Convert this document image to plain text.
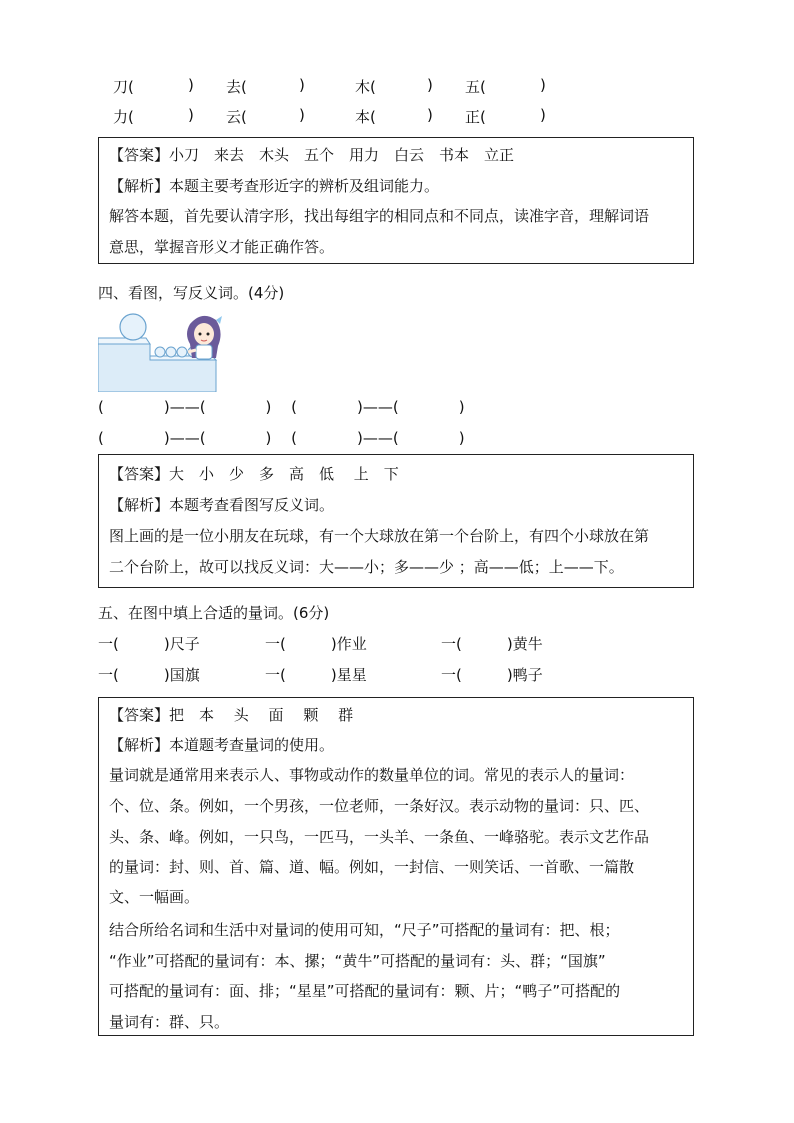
刀(	) 去(	)	木(	) 五(	)
力(	) 云(	)	本(	) 正(	)
【答案】小刀　来去　木头　五个　用力　白云　书本　立正
【解析】本题主要考查形近字的辨析及组词能力。
解答本题，首先要认清字形，找出每组字的相同点和不同点，读准字音，理解词语
意思，掌握音形义才能正确作答。
四、看图，写反义词。(4分)
(　　　　)——(　　　　)　 (　　　　)——(　　　　)
(　　　　)——(　　　　)　 (　　　　)——(　　　　)
【答案】大　小　少　多　高　低　 上　下
【解析】本题考查看图写反义词。
图上画的是一位小朋友在玩球，有一个大球放在第一个台阶上，有四个小球放在第
二个台阶上，故可以找反义词：大——小；多——少 ；高——低；上——下。
五、在图中填上合适的量词。(6分)
一(　　　)尺子	一(　　　)作业	一(　　　)黄牛
一(　　　)国旗	一(　　　)星星	一(　　　)鸭子
【答案】把　本　 头　 面　 颗　 群
【解析】本道题考查量词的使用。
量词就是通常用来表示人、事物或动作的数量单位的词。常见的表示人的量词：
个、位、条。例如，一个男孩，一位老师，一条好汉。表示动物的量词：只、匹、
头、条、峰。例如，一只鸟，一匹马，一头羊、一条鱼、一峰骆驼。表示文艺作品
的量词：封、则、首、篇、道、幅。例如，一封信、一则笑话、一首歌、一篇散
文、一幅画。
结合所给名词和生活中对量词的使用可知，“尺子”可搭配的量词有：把、根；
“作业”可搭配的量词有：本、摞；“黄牛”可搭配的量词有：头、群；“国旗”
可搭配的量词有：面、排；“星星”可搭配的量词有：颗、片；“鸭子”可搭配的
量词有：群、只。
